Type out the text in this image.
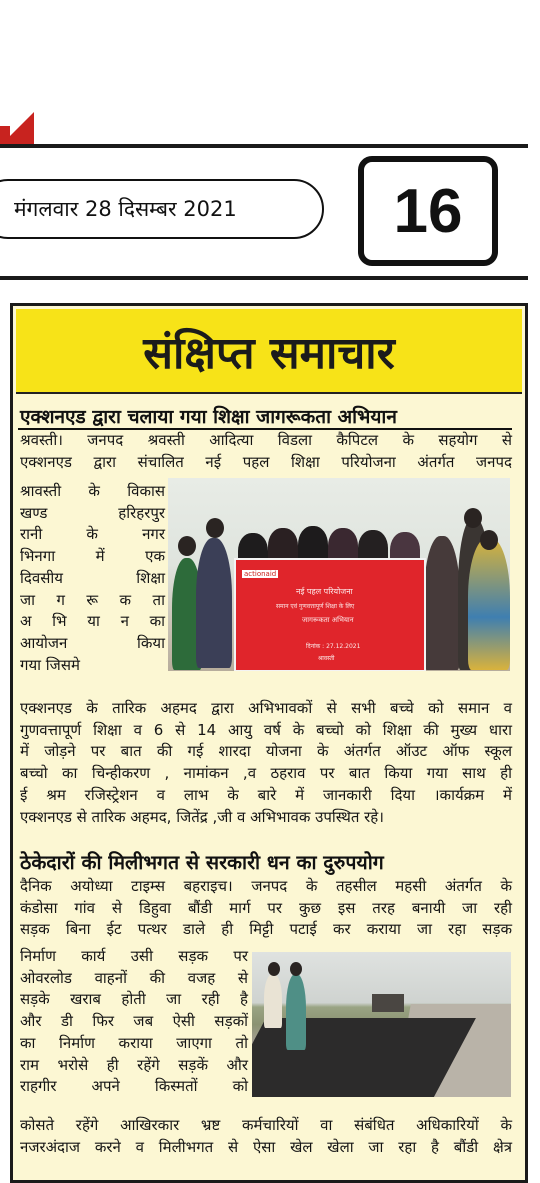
मंगलवार 28 दिसम्बर 2021	16
संक्षिप्त समाचार
एक्शनएड द्वारा चलाया गया शिक्षा जागरूकता अभियान
श्रवस्ती। जनपद श्रवस्ती आदित्या विडला कैपिटल के सहयोग से
एक्शनएड द्वारा संचालित नई पहल शिक्षा परियोजना अंतर्गत जनपद
श्रावस्ती के विकास
खण्ड हरिहरपुर
रानी के नगर
भिनगा में एक
दिवसीय शिक्षा
जा ग रू क ता
अ भि या न का
आयोजन किया
गया जिसमे
actionaid
नई पहल परियोजना
समान एवं गुणवत्तापूर्ण शिक्षा के लिए
जागरूकता अभियान
दिनांक : 27.12.2021
श्रावस्ती
एक्शनएड के तारिक अहमद द्वारा अभिभावकों से सभी बच्चे को समान व
गुणवत्तापूर्ण शिक्षा व 6 से 14 आयु वर्ष के बच्चो को शिक्षा की मुख्य धारा
में जोड़ने पर बात की गई शारदा योजना के अंतर्गत ऑउट ऑफ स्कूल
बच्चो का चिन्हीकरण , नामांकन ,व ठहराव पर बात किया गया साथ ही
ई श्रम रजिस्ट्रेशन व लाभ के बारे में जानकारी दिया ।कार्यक्रम में
एक्शनएड से तारिक अहमद, जितेंद्र ,जी व अभिभावक उपस्थित रहे।
ठेकेदारों की मिलीभगत से सरकारी धन का दुरुपयोग
दैनिक अयोध्या टाइम्स बहराइच। जनपद के तहसील महसी अंतर्गत के
कंडोसा गांव से डिहुवा बौंडी मार्ग पर कुछ इस तरह बनायी जा रही
सड़क बिना ईट पत्थर डाले ही मिट्टी पटाई कर कराया जा रहा सड़क
निर्माण कार्य उसी सड़क पर
ओवरलोड वाहनों की वजह से
सड़के खराब होती जा रही है
और डी फिर जब ऐसी सड़कों
का निर्माण कराया जाएगा तो
राम भरोसे ही रहेंगे सड़कें और
राहगीर अपने किस्मतों को
कोसते रहेंगे आखिरकार भ्रष्ट कर्मचारियों वा संबंधित अधिकारियों के
नजरअंदाज करने व मिलीभगत से ऐसा खेल खेला जा रहा है बौंडी क्षेत्र
